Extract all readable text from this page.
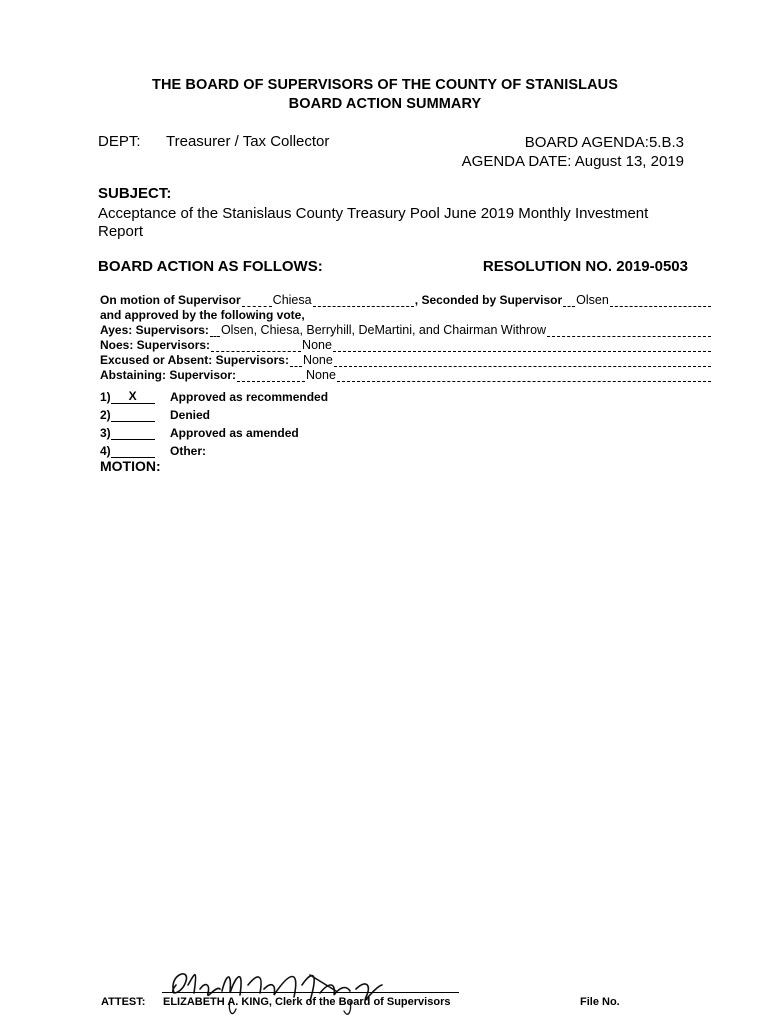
THE BOARD OF SUPERVISORS OF THE COUNTY OF STANISLAUS
BOARD ACTION SUMMARY
DEPT: Treasurer / Tax Collector	BOARD AGENDA:5.B.3
AGENDA DATE: August 13, 2019
SUBJECT:
Acceptance of the Stanislaus County Treasury Pool June 2019 Monthly Investment Report
BOARD ACTION AS FOLLOWS:	RESOLUTION NO. 2019-0503
On motion of Supervisor	Chiesa	, Seconded by Supervisor Olsen
and approved by the following vote,
Ayes: Supervisors: Olsen, Chiesa, Berryhill, DeMartini, and Chairman Withrow
Noes: Supervisors:	None
Excused or Absent: Supervisors: None
Abstaining: Supervisor:	None
1)	X	Approved as recommended
2)	Denied
3)	Approved as amended
4)	Other:
MOTION:
ATTEST: ELIZABETH A. KING, Clerk of the Board of Supervisors	File No.
